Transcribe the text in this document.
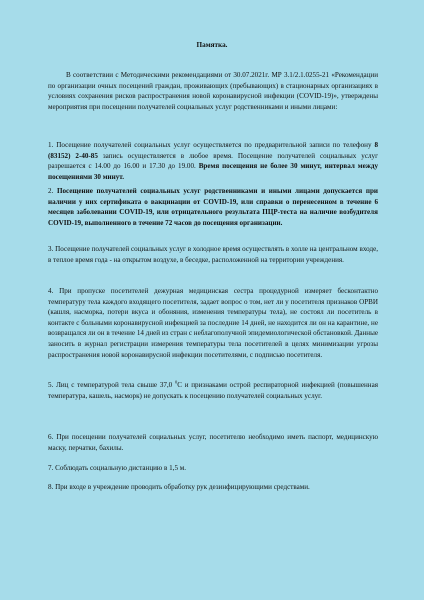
Памятка.

В соответствии с Методическими рекомендациями от 30.07.2021г. МР 3.1/2.1.0255-21 «Рекомендации по организации очных посещений граждан, проживающих (пребывающих) в стационарных организациях в условиях сохранения рисков распространения новой коронавирусной инфекции (COVID-19)», утверждены мероприятия при посещении получателей социальных услуг родственниками и иными лицами:

1. Посещение получателей социальных услуг осуществляется по предварительной записи по телефону 8 (83152) 2-40-85 запись осуществляется в любое время. Посещение получателей социальных услуг разрешается с 14.00 до 16.00 и 17.30 до 19.00. Время посещения не более 30 минут, интервал между посещениями 30 минут.

2. Посещение получателей социальных услуг родственниками и иными лицами допускается при наличии у них сертификата о вакцинации от COVID-19, или справки о перенесенном в течение 6 месяцев заболевании COVID-19, или отрицательного результата ПЦР-теста на наличие возбудителя COVID-19, выполненного в течение 72 часов до посещения организации.

3. Посещение получателей социальных услуг в холодное время осуществлять в холле на центральном входе, в теплое время года - на открытом воздухе, в беседке, расположенной на территории учреждения.

4. При пропуске посетителей дежурная медицинская сестра процедурной измеряет бесконтактно температуру тела каждого входящего посетителя, задает вопрос о том, нет ли у посетителя признаков ОРВИ (кашля, насморка, потери вкуса и обоняния, изменения температуры тела), не состоял ли посетитель в контакте с больными коронавирусной инфекцией за последние 14 дней, не находится ли он на карантине, не возвращался ли он в течение 14 дней из стран с неблагополучной эпидемиологической обстановкой. Данные заносить в журнал регистрации измерения температуры тела посетителей в целях минимизации угрозы распространения новой коронавирусной инфекции посетителями, с подписью посетителя.

5. Лиц с температурой тела свыше 37,0 $^0$С и признаками острой респираторной инфекцией (повышенная температура, кашель, насморк) не допускать к посещению получателей социальных услуг.

6. При посещении получателей социальных услуг, посетителю необходимо иметь паспорт, медицинскую маску, перчатки, бахилы.

7. Соблюдать социальную дистанцию в 1,5 м.

8. При входе в учреждение проводить обработку рук дезинфицирующими средствами.
